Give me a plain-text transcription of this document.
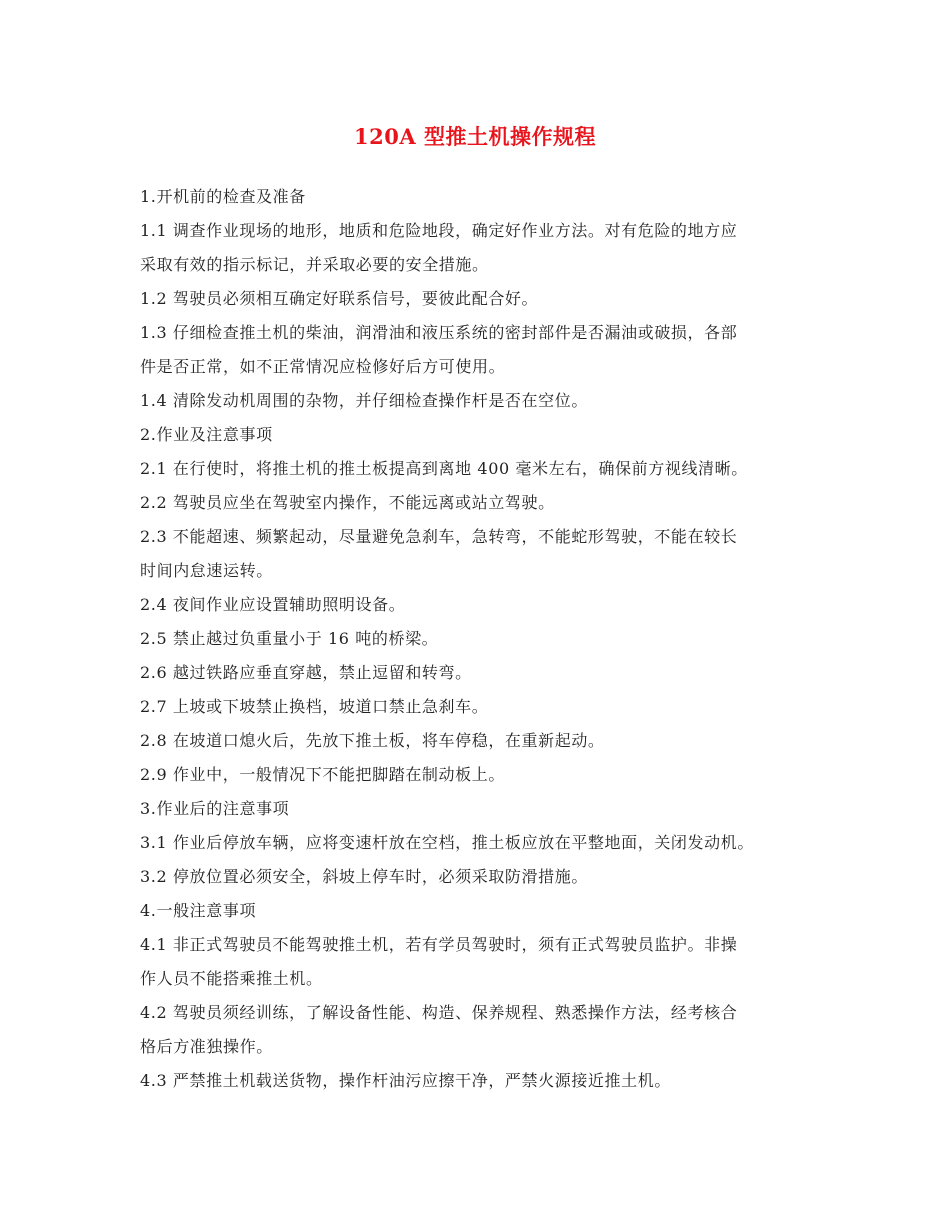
120A 型推土机操作规程
1.开机前的检查及准备
1.1 调查作业现场的地形，地质和危险地段，确定好作业方法。对有危险的地方应
采取有效的指示标记，并采取必要的安全措施。
1.2 驾驶员必须相互确定好联系信号，要彼此配合好。
1.3 仔细检查推土机的柴油，润滑油和液压系统的密封部件是否漏油或破损，各部
件是否正常，如不正常情况应检修好后方可使用。
1.4 清除发动机周围的杂物，并仔细检查操作杆是否在空位。
2.作业及注意事项
2.1 在行使时，将推土机的推土板提高到离地 400 毫米左右，确保前方视线清晰。
2.2 驾驶员应坐在驾驶室内操作，不能远离或站立驾驶。
2.3 不能超速、频繁起动，尽量避免急刹车，急转弯，不能蛇形驾驶，不能在较长
时间内怠速运转。
2.4 夜间作业应设置辅助照明设备。
2.5 禁止越过负重量小于 16 吨的桥梁。
2.6 越过铁路应垂直穿越，禁止逗留和转弯。
2.7 上坡或下坡禁止换档，坡道口禁止急刹车。
2.8 在坡道口熄火后，先放下推土板，将车停稳，在重新起动。
2.9 作业中，一般情况下不能把脚踏在制动板上。
3.作业后的注意事项
3.1 作业后停放车辆，应将变速杆放在空档，推土板应放在平整地面，关闭发动机。
3.2 停放位置必须安全，斜坡上停车时，必须采取防滑措施。
4.一般注意事项
4.1 非正式驾驶员不能驾驶推土机，若有学员驾驶时，须有正式驾驶员监护。非操
作人员不能搭乘推土机。
4.2 驾驶员须经训练，了解设备性能、构造、保养规程、熟悉操作方法，经考核合
格后方准独操作。
4.3 严禁推土机载送货物，操作杆油污应擦干净，严禁火源接近推土机。
